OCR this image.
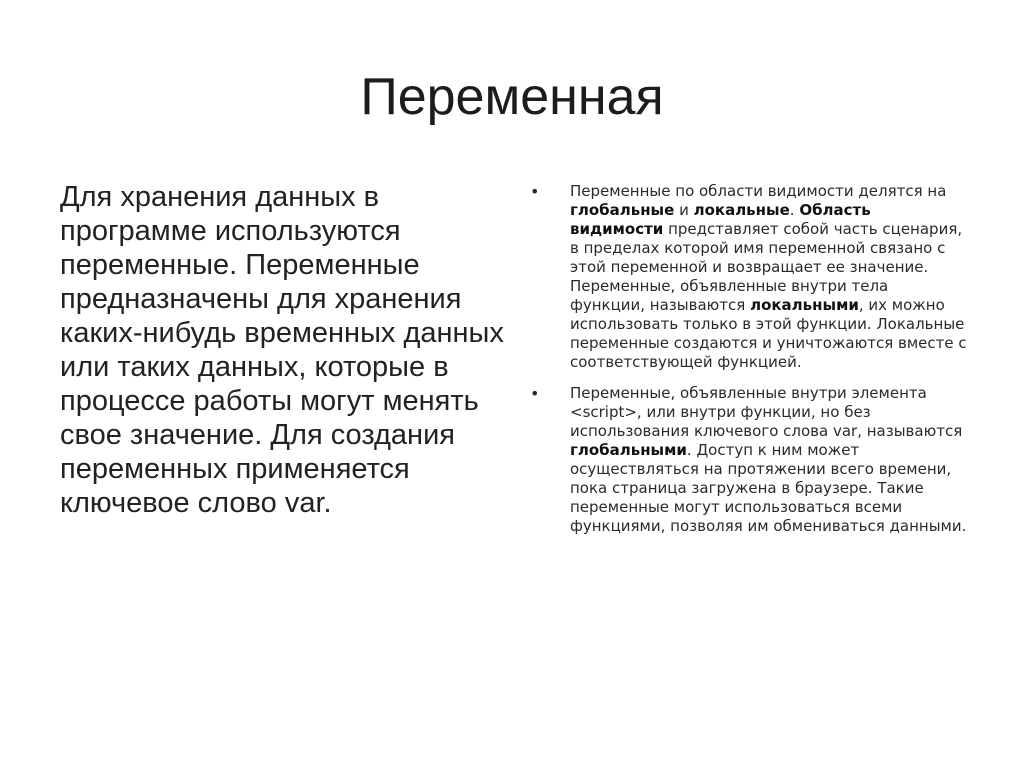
Переменная
Для хранения данных в программе используются переменные. Переменные предназначены для хранения каких-нибудь временных данных или таких данных, которые в процессе работы могут менять свое значение. Для создания переменных применяется ключевое слово var.
• Переменные по области видимости делятся на глобальные и локальные. Область видимости представляет собой часть сценария, в пределах которой имя переменной связано с этой переменной и возвращает ее значение. Переменные, объявленные внутри тела функции, называются локальными, их можно использовать только в этой функции. Локальные переменные создаются и уничтожаются вместе с соответствующей функцией.
• Переменные, объявленные внутри элемента <script>, или внутри функции, но без использования ключевого слова var, называются глобальными. Доступ к ним может осуществляться на протяжении всего времени, пока страница загружена в браузере. Такие переменные могут использоваться всеми функциями, позволяя им обмениваться данными.
